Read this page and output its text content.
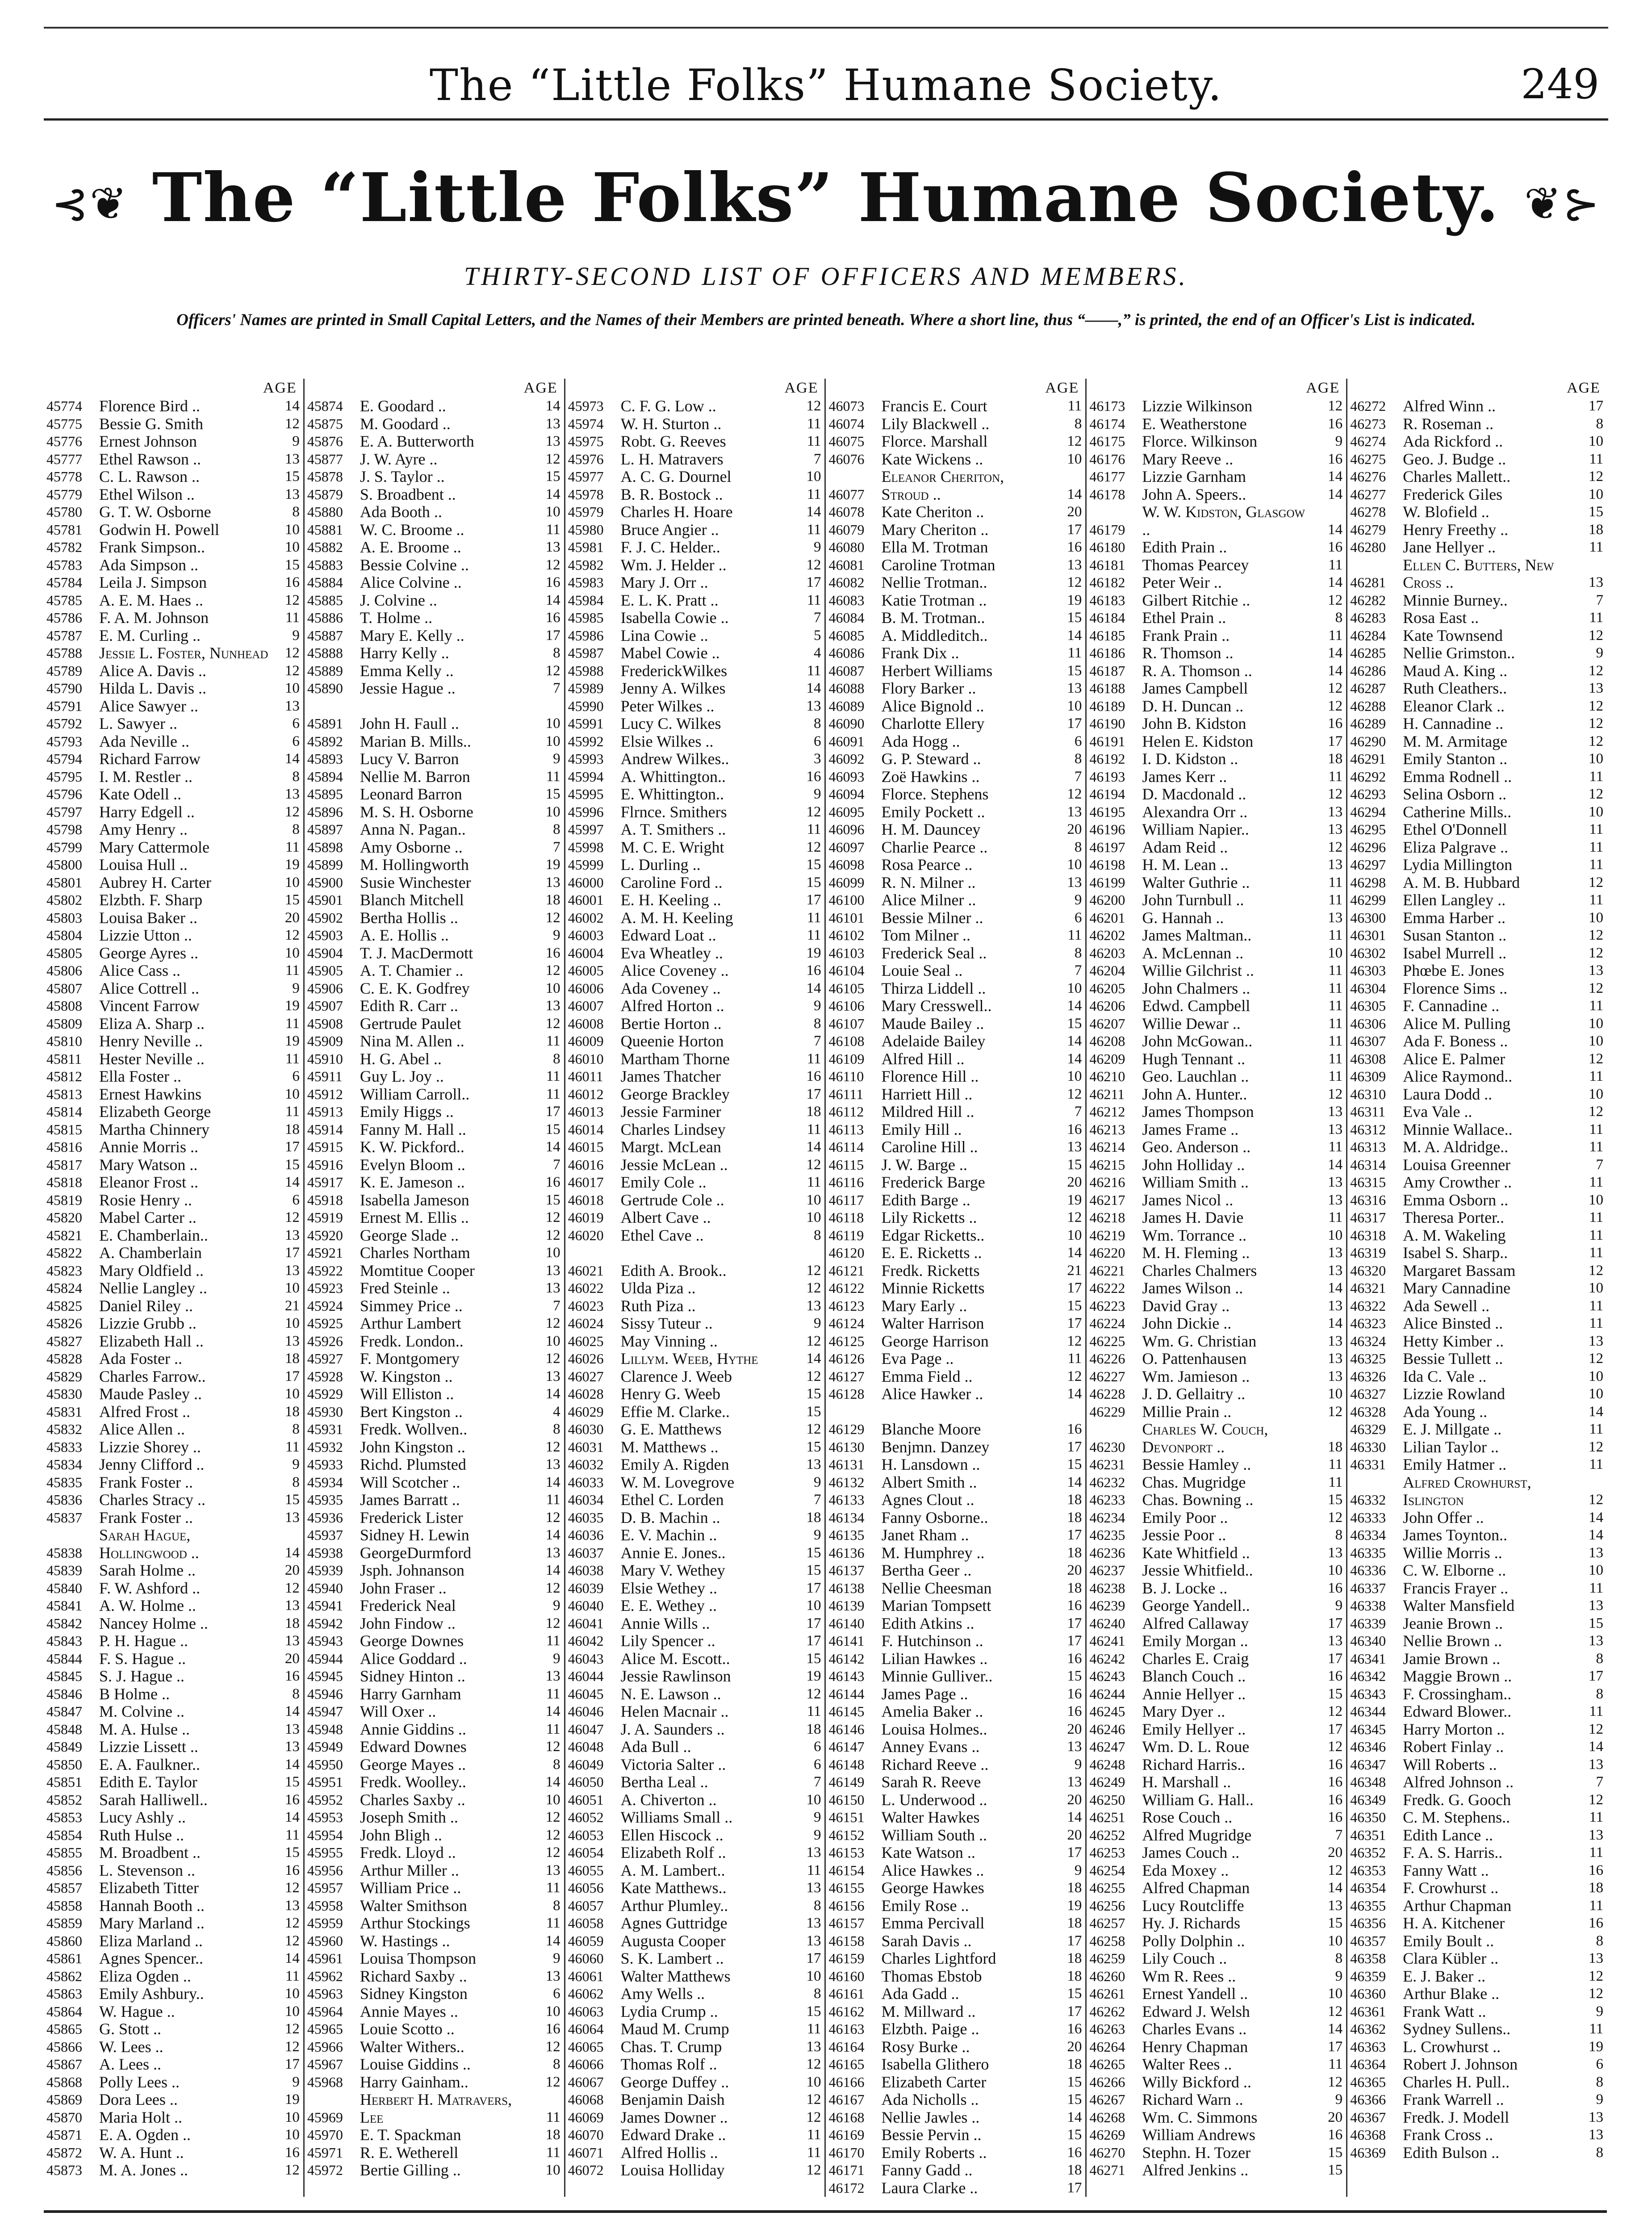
The “Little Folks” Humane Society.	249
⊰❦ The “Little Folks” Humane Society. ❦⊱
THIRTY-SECOND LIST OF OFFICERS AND MEMBERS.
Officers' Names are printed in Small Capital Letters, and the Names of their Members are printed beneath. Where a short line, thus “——,” is printed, the end of an Officer's List is indicated.
AGE
45774	Florence Bird ..	14
45775	Bessie G. Smith	12
45776	Ernest Johnson	9
45777	Ethel Rawson ..	13
45778	C. L. Rawson ..	15
45779	Ethel Wilson ..	13
45780	G. T. W. Osborne	8
45781	Godwin H. Powell	10
45782	Frank Simpson..	10
45783	Ada Simpson ..	15
45784	Leila J. Simpson	16
45785	A. E. M. Haes ..	12
45786	F. A. M. Johnson	11
45787	E. M. Curling ..	9
45788	Jessie L. Foster, Nunhead	12
45789	Alice A. Davis ..	12
45790	Hilda L. Davis ..	10
45791	Alice Sawyer ..	13
45792	L. Sawyer ..	6
45793	Ada Neville ..	6
45794	Richard Farrow	14
45795	I. M. Restler ..	8
45796	Kate Odell ..	13
45797	Harry Edgell ..	12
45798	Amy Henry ..	8
45799	Mary Cattermole	11
45800	Louisa Hull ..	19
45801	Aubrey H. Carter	10
45802	Elzbth. F. Sharp	15
45803	Louisa Baker ..	20
45804	Lizzie Utton ..	12
45805	George Ayres ..	10
45806	Alice Cass ..	11
45807	Alice Cottrell ..	9
45808	Vincent Farrow	19
45809	Eliza A. Sharp ..	11
45810	Henry Neville ..	19
45811	Hester Neville ..	11
45812	Ella Foster ..	6
45813	Ernest Hawkins	10
45814	Elizabeth George	11
45815	Martha Chinnery	18
45816	Annie Morris ..	17
45817	Mary Watson ..	15
45818	Eleanor Frost ..	14
45819	Rosie Henry ..	6
45820	Mabel Carter ..	12
45821	E. Chamberlain..	13
45822	A. Chamberlain	17
45823	Mary Oldfield ..	13
45824	Nellie Langley ..	10
45825	Daniel Riley ..	21
45826	Lizzie Grubb ..	10
45827	Elizabeth Hall ..	13
45828	Ada Foster ..	18
45829	Charles Farrow..	17
45830	Maude Pasley ..	10
45831	Alfred Frost ..	18
45832	Alice Allen ..	8
45833	Lizzie Shorey ..	11
45834	Jenny Clifford ..	9
45835	Frank Foster ..	8
45836	Charles Stracy ..	15
45837	Frank Foster ..	13
45838
Sarah Hague, Hollingwood ..	14
45839	Sarah Holme ..	20
45840	F. W. Ashford ..	12
45841	A. W. Holme ..	13
45842	Nancey Holme ..	18
45843	P. H. Hague ..	13
45844	F. S. Hague ..	20
45845	S. J. Hague ..	16
45846	B Holme ..	8
45847	M. Colvine ..	14
45848	M. A. Hulse ..	13
45849	Lizzie Lissett ..	13
45850	E. A. Faulkner..	14
45851	Edith E. Taylor	15
45852	Sarah Halliwell..	16
45853	Lucy Ashly ..	14
45854	Ruth Hulse ..	11
45855	M. Broadbent ..	15
45856	L. Stevenson ..	16
45857	Elizabeth Titter	12
45858	Hannah Booth ..	13
45859	Mary Marland ..	12
45860	Eliza Marland ..	12
45861	Agnes Spencer..	14
45862	Eliza Ogden ..	11
45863	Emily Ashbury..	10
45864	W. Hague ..	10
45865	G. Stott ..	12
45866	W. Lees ..	12
45867	A. Lees ..	17
45868	Polly Lees ..	9
45869	Dora Lees ..	19
45870	Maria Holt ..	10
45871	E. A. Ogden ..	10
45872	W. A. Hunt ..	16
45873	M. A. Jones ..	12
AGE
45874	E. Goodard ..	14
45875	M. Goodard ..	13
45876	E. A. Butterworth	13
45877	J. W. Ayre ..	12
45878	J. S. Taylor ..	15
45879	S. Broadbent ..	14
45880	Ada Booth ..	10
45881	W. C. Broome ..	11
45882	A. E. Broome ..	13
45883	Bessie Colvine ..	12
45884	Alice Colvine ..	16
45885	J. Colvine ..	14
45886	T. Holme ..	16
45887	Mary E. Kelly ..	17
45888	Harry Kelly ..	8
45889	Emma Kelly ..	12
45890	Jessie Hague ..	7
45891	John H. Faull ..	10
45892	Marian B. Mills..	10
45893	Lucy V. Barron	9
45894	Nellie M. Barron	11
45895	Leonard Barron	15
45896	M. S. H. Osborne	10
45897	Anna N. Pagan..	8
45898	Amy Osborne ..	7
45899	M. Hollingworth	19
45900	Susie Winchester	13
45901	Blanch Mitchell	18
45902	Bertha Hollis ..	12
45903	A. E. Hollis ..	9
45904	T. J. MacDermott	16
45905	A. T. Chamier ..	12
45906	C. E. K. Godfrey	10
45907	Edith R. Carr ..	13
45908	Gertrude Paulet	12
45909	Nina M. Allen ..	11
45910	H. G. Abel ..	8
45911	Guy L. Joy ..	11
45912	William Carroll..	11
45913	Emily Higgs ..	17
45914	Fanny M. Hall ..	15
45915	K. W. Pickford..	14
45916	Evelyn Bloom ..	7
45917	K. E. Jameson ..	16
45918	Isabella Jameson	15
45919	Ernest M. Ellis ..	12
45920	George Slade ..	12
45921	Charles Northam	10
45922	Momtitue Cooper	13
45923	Fred Steinle ..	13
45924	Simmey Price ..	7
45925	Arthur Lambert	12
45926	Fredk. London..	10
45927	F. Montgomery	12
45928	W. Kingston ..	13
45929	Will Elliston ..	14
45930	Bert Kingston ..	4
45931	Fredk. Wollven..	8
45932	John Kingston ..	12
45933	Richd. Plumsted	13
45934	Will Scotcher ..	14
45935	James Barratt ..	11
45936	Frederick Lister	12
45937	Sidney H. Lewin	14
45938	GeorgeDurmford	13
45939	Jsph. Johnanson	14
45940	John Fraser ..	12
45941	Frederick Neal	9
45942	John Findow ..	12
45943	George Downes	11
45944	Alice Goddard ..	9
45945	Sidney Hinton ..	13
45946	Harry Garnham	11
45947	Will Oxer ..	14
45948	Annie Giddins ..	11
45949	Edward Downes	12
45950	George Mayes ..	8
45951	Fredk. Woolley..	14
45952	Charles Saxby ..	10
45953	Joseph Smith ..	12
45954	John Bligh ..	12
45955	Fredk. Lloyd ..	12
45956	Arthur Miller ..	13
45957	William Price ..	11
45958	Walter Smithson	8
45959	Arthur Stockings	11
45960	W. Hastings ..	14
45961	Louisa Thompson	9
45962	Richard Saxby ..	13
45963	Sidney Kingston	6
45964	Annie Mayes ..	10
45965	Louie Scotto ..	16
45966	Walter Withers..	12
45967	Louise Giddins ..	8
45968	Harry Gainham..	12
45969
Herbert H. Matravers, Lee	11
45970	E. T. Spackman	18
45971	R. E. Wetherell	11
45972	Bertie Gilling ..	10
AGE
45973	C. F. G. Low ..	12
45974	W. H. Sturton ..	11
45975	Robt. G. Reeves	11
45976	L. H. Matravers	7
45977	A. C. G. Dournel	10
45978	B. R. Bostock ..	11
45979	Charles H. Hoare	14
45980	Bruce Angier ..	11
45981	F. J. C. Helder..	9
45982	Wm. J. Helder ..	12
45983	Mary J. Orr ..	17
45984	E. L. K. Pratt ..	11
45985	Isabella Cowie ..	7
45986	Lina Cowie ..	5
45987	Mabel Cowie ..	4
45988	FrederickWilkes	11
45989	Jenny A. Wilkes	14
45990	Peter Wilkes ..	13
45991	Lucy C. Wilkes	8
45992	Elsie Wilkes ..	6
45993	Andrew Wilkes..	3
45994	A. Whittington..	16
45995	E. Whittington..	9
45996	Flrnce. Smithers	12
45997	A. T. Smithers ..	11
45998	M. C. E. Wright	12
45999	L. Durling ..	15
46000	Caroline Ford ..	15
46001	E. H. Keeling ..	17
46002	A. M. H. Keeling	11
46003	Edward Loat ..	11
46004	Eva Wheatley ..	19
46005	Alice Coveney ..	16
46006	Ada Coveney ..	14
46007	Alfred Horton ..	9
46008	Bertie Horton ..	8
46009	Queenie Horton	7
46010	Martham Thorne	11
46011	James Thatcher	16
46012	George Brackley	17
46013	Jessie Farminer	18
46014	Charles Lindsey	11
46015	Margt. McLean	14
46016	Jessie McLean ..	12
46017	Emily Cole ..	11
46018	Gertrude Cole ..	10
46019	Albert Cave ..	10
46020	Ethel Cave ..	8
46021	Edith A. Brook..	12
46022	Ulda Piza ..	12
46023	Ruth Piza ..	13
46024	Sissy Tuteur ..	9
46025	May Vinning ..	12
46026	Lillym. Weeb, Hythe	14
46027	Clarence J. Weeb	12
46028	Henry G. Weeb	15
46029	Effie M. Clarke..	15
46030	G. E. Matthews	12
46031	M. Matthews ..	15
46032	Emily A. Rigden	13
46033	W. M. Lovegrove	9
46034	Ethel C. Lorden	7
46035	D. B. Machin ..	18
46036	E. V. Machin ..	9
46037	Annie E. Jones..	15
46038	Mary V. Wethey	15
46039	Elsie Wethey ..	17
46040	E. E. Wethey ..	10
46041	Annie Wills ..	17
46042	Lily Spencer ..	17
46043	Alice M. Escott..	15
46044	Jessie Rawlinson	19
46045	N. E. Lawson ..	12
46046	Helen Macnair ..	11
46047	J. A. Saunders ..	18
46048	Ada Bull ..	6
46049	Victoria Salter ..	6
46050	Bertha Leal ..	7
46051	A. Chiverton ..	10
46052	Williams Small ..	9
46053	Ellen Hiscock ..	9
46054	Elizabeth Rolf ..	13
46055	A. M. Lambert..	11
46056	Kate Matthews..	13
46057	Arthur Plumley..	8
46058	Agnes Guttridge	13
46059	Augusta Cooper	13
46060	S. K. Lambert ..	17
46061	Walter Matthews	10
46062	Amy Wells ..	8
46063	Lydia Crump ..	15
46064	Maud M. Crump	11
46065	Chas. T. Crump	13
46066	Thomas Rolf ..	12
46067	George Duffey ..	10
46068	Benjamin Daish	12
46069	James Downer ..	12
46070	Edward Drake ..	11
46071	Alfred Hollis ..	11
46072	Louisa Holliday	12
AGE
46073	Francis E. Court	11
46074	Lily Blackwell ..	8
46075	Florce. Marshall	12
46076	Kate Wickens ..	10
46077
Eleanor Cheriton, Stroud ..	14
46078	Kate Cheriton ..	20
46079	Mary Cheriton ..	17
46080	Ella M. Trotman	16
46081	Caroline Trotman	13
46082	Nellie Trotman..	12
46083	Katie Trotman ..	19
46084	B. M. Trotman..	15
46085	A. Middleditch..	14
46086	Frank Dix ..	11
46087	Herbert Williams	15
46088	Flory Barker ..	13
46089	Alice Bignold ..	10
46090	Charlotte Ellery	17
46091	Ada Hogg ..	6
46092	G. P. Steward ..	8
46093	Zoë Hawkins ..	7
46094	Florce. Stephens	12
46095	Emily Pockett ..	13
46096	H. M. Dauncey	20
46097	Charlie Pearce ..	8
46098	Rosa Pearce ..	10
46099	R. N. Milner ..	13
46100	Alice Milner ..	9
46101	Bessie Milner ..	6
46102	Tom Milner ..	11
46103	Frederick Seal ..	8
46104	Louie Seal ..	7
46105	Thirza Liddell ..	10
46106	Mary Cresswell..	14
46107	Maude Bailey ..	15
46108	Adelaide Bailey	14
46109	Alfred Hill ..	14
46110	Florence Hill ..	10
46111	Harriett Hill ..	12
46112	Mildred Hill ..	7
46113	Emily Hill ..	16
46114	Caroline Hill ..	13
46115	J. W. Barge ..	15
46116	Frederick Barge	20
46117	Edith Barge ..	19
46118	Lily Ricketts ..	12
46119	Edgar Ricketts..	10
46120	E. E. Ricketts ..	14
46121	Fredk. Ricketts	21
46122	Minnie Ricketts	17
46123	Mary Early ..	15
46124	Walter Harrison	17
46125	George Harrison	12
46126	Eva Page ..	11
46127	Emma Field ..	12
46128	Alice Hawker ..	14
46129	Blanche Moore	16
46130	Benjmn. Danzey	17
46131	H. Lansdown ..	15
46132	Albert Smith ..	14
46133	Agnes Clout ..	18
46134	Fanny Osborne..	18
46135	Janet Rham ..	17
46136	M. Humphrey ..	18
46137	Bertha Geer ..	20
46138	Nellie Cheesman	18
46139	Marian Tompsett	16
46140	Edith Atkins ..	17
46141	F. Hutchinson ..	17
46142	Lilian Hawkes ..	16
46143	Minnie Gulliver..	15
46144	James Page ..	16
46145	Amelia Baker ..	16
46146	Louisa Holmes..	20
46147	Anney Evans ..	13
46148	Richard Reeve ..	9
46149	Sarah R. Reeve	13
46150	L. Underwood ..	20
46151	Walter Hawkes	14
46152	William South ..	20
46153	Kate Watson ..	17
46154	Alice Hawkes ..	9
46155	George Hawkes	18
46156	Emily Rose ..	19
46157	Emma Percivall	18
46158	Sarah Davis ..	17
46159	Charles Lightford	18
46160	Thomas Ebstob	18
46161	Ada Gadd ..	15
46162	M. Millward ..	17
46163	Elzbth. Paige ..	16
46164	Rosy Burke ..	20
46165	Isabella Glithero	18
46166	Elizabeth Carter	15
46167	Ada Nicholls ..	15
46168	Nellie Jawles ..	14
46169	Bessie Pervin ..	15
46170	Emily Roberts ..	16
46171	Fanny Gadd ..	18
46172	Laura Clarke ..	17
AGE
46173	Lizzie Wilkinson	12
46174	E. Weatherstone	16
46175	Florce. Wilkinson	9
46176	Mary Reeve ..	16
46177	Lizzie Garnham	14
46178	John A. Speers..	14
46179
W. W. Kidston, Glasgow ..	14
46180	Edith Prain ..	16
46181	Thomas Pearcey	11
46182	Peter Weir ..	14
46183	Gilbert Ritchie ..	12
46184	Ethel Prain ..	8
46185	Frank Prain ..	11
46186	R. Thomson ..	14
46187	R. A. Thomson ..	14
46188	James Campbell	12
46189	D. H. Duncan ..	12
46190	John B. Kidston	16
46191	Helen E. Kidston	17
46192	I. D. Kidston ..	18
46193	James Kerr ..	11
46194	D. Macdonald ..	12
46195	Alexandra Orr ..	13
46196	William Napier..	13
46197	Adam Reid ..	12
46198	H. M. Lean ..	13
46199	Walter Guthrie ..	11
46200	John Turnbull ..	11
46201	G. Hannah ..	13
46202	James Maltman..	11
46203	A. McLennan ..	10
46204	Willie Gilchrist ..	11
46205	John Chalmers ..	11
46206	Edwd. Campbell	11
46207	Willie Dewar ..	11
46208	John McGowan..	11
46209	Hugh Tennant ..	11
46210	Geo. Lauchlan ..	11
46211	John A. Hunter..	12
46212	James Thompson	13
46213	James Frame ..	13
46214	Geo. Anderson ..	11
46215	John Holliday ..	14
46216	William Smith ..	13
46217	James Nicol ..	13
46218	James H. Davie	11
46219	Wm. Torrance ..	10
46220	M. H. Fleming ..	13
46221	Charles Chalmers	13
46222	James Wilson ..	14
46223	David Gray ..	13
46224	John Dickie ..	14
46225	Wm. G. Christian	13
46226	O. Pattenhausen	13
46227	Wm. Jamieson ..	13
46228	J. D. Gellaitry ..	10
46229	Millie Prain ..	12
46230
Charles W. Couch, Devonport ..	18
46231	Bessie Hamley ..	11
46232	Chas. Mugridge	11
46233	Chas. Bowning ..	15
46234	Emily Poor ..	12
46235	Jessie Poor ..	8
46236	Kate Whitfield ..	13
46237	Jessie Whitfield..	10
46238	B. J. Locke ..	16
46239	George Yandell..	9
46240	Alfred Callaway	17
46241	Emily Morgan ..	13
46242	Charles E. Craig	17
46243	Blanch Couch ..	16
46244	Annie Hellyer ..	15
46245	Mary Dyer ..	12
46246	Emily Hellyer ..	17
46247	Wm. D. L. Roue	12
46248	Richard Harris..	16
46249	H. Marshall ..	16
46250	William G. Hall..	16
46251	Rose Couch ..	16
46252	Alfred Mugridge	7
46253	James Couch ..	20
46254	Eda Moxey ..	12
46255	Alfred Chapman	14
46256	Lucy Routcliffe	13
46257	Hy. J. Richards	15
46258	Polly Dolphin ..	10
46259	Lily Couch ..	8
46260	Wm R. Rees ..	9
46261	Ernest Yandell ..	10
46262	Edward J. Welsh	12
46263	Charles Evans ..	14
46264	Henry Chapman	17
46265	Walter Rees ..	11
46266	Willy Bickford ..	12
46267	Richard Warn ..	9
46268	Wm. C. Simmons	20
46269	William Andrews	16
46270	Stephn. H. Tozer	15
46271	Alfred Jenkins ..	15
AGE
46272	Alfred Winn ..	17
46273	R. Roseman ..	8
46274	Ada Rickford ..	10
46275	Geo. J. Budge ..	11
46276	Charles Mallett..	12
46277	Frederick Giles	10
46278	W. Blofield ..	15
46279	Henry Freethy ..	18
46280	Jane Hellyer ..	11
46281
Ellen C. Butters, New Cross ..	13
46282	Minnie Burney..	7
46283	Rosa East ..	11
46284	Kate Townsend	12
46285	Nellie Grimston..	9
46286	Maud A. King ..	12
46287	Ruth Cleathers..	13
46288	Eleanor Clark ..	12
46289	H. Cannadine ..	12
46290	M. M. Armitage	12
46291	Emily Stanton ..	10
46292	Emma Rodnell ..	11
46293	Selina Osborn ..	12
46294	Catherine Mills..	10
46295	Ethel O'Donnell	11
46296	Eliza Palgrave ..	11
46297	Lydia Millington	11
46298	A. M. B. Hubbard	12
46299	Ellen Langley ..	11
46300	Emma Harber ..	10
46301	Susan Stanton ..	12
46302	Isabel Murrell ..	12
46303	Phœbe E. Jones	13
46304	Florence Sims ..	12
46305	F. Cannadine ..	11
46306	Alice M. Pulling	10
46307	Ada F. Boness ..	10
46308	Alice E. Palmer	12
46309	Alice Raymond..	11
46310	Laura Dodd ..	10
46311	Eva Vale ..	12
46312	Minnie Wallace..	11
46313	M. A. Aldridge..	11
46314	Louisa Greenner	7
46315	Amy Crowther ..	11
46316	Emma Osborn ..	10
46317	Theresa Porter..	11
46318	A. M. Wakeling	11
46319	Isabel S. Sharp..	11
46320	Margaret Bassam	12
46321	Mary Cannadine	10
46322	Ada Sewell ..	11
46323	Alice Binsted ..	11
46324	Hetty Kimber ..	13
46325	Bessie Tullett ..	12
46326	Ida C. Vale ..	10
46327	Lizzie Rowland	10
46328	Ada Young ..	14
46329	E. J. Millgate ..	11
46330	Lilian Taylor ..	12
46331	Emily Hatmer ..	11
46332
Alfred Crowhurst, Islington	12
46333	John Offer ..	14
46334	James Toynton..	14
46335	Willie Morris ..	13
46336	C. W. Elborne ..	10
46337	Francis Frayer ..	11
46338	Walter Mansfield	13
46339	Jeanie Brown ..	15
46340	Nellie Brown ..	13
46341	Jamie Brown ..	8
46342	Maggie Brown ..	17
46343	F. Crossingham..	8
46344	Edward Blower..	11
46345	Harry Morton ..	12
46346	Robert Finlay ..	14
46347	Will Roberts ..	13
46348	Alfred Johnson ..	7
46349	Fredk. G. Gooch	12
46350	C. M. Stephens..	11
46351	Edith Lance ..	13
46352	F. A. S. Harris..	11
46353	Fanny Watt ..	16
46354	F. Crowhurst ..	18
46355	Arthur Chapman	11
46356	H. A. Kitchener	16
46357	Emily Boult ..	8
46358	Clara Kübler ..	13
46359	E. J. Baker ..	12
46360	Arthur Blake ..	12
46361	Frank Watt ..	9
46362	Sydney Sullens..	11
46363	L. Crowhurst ..	19
46364	Robert J. Johnson	6
46365	Charles H. Pull..	8
46366	Frank Warrell ..	9
46367	Fredk. J. Modell	13
46368	Frank Cross ..	13
46369	Edith Bulson ..	8
